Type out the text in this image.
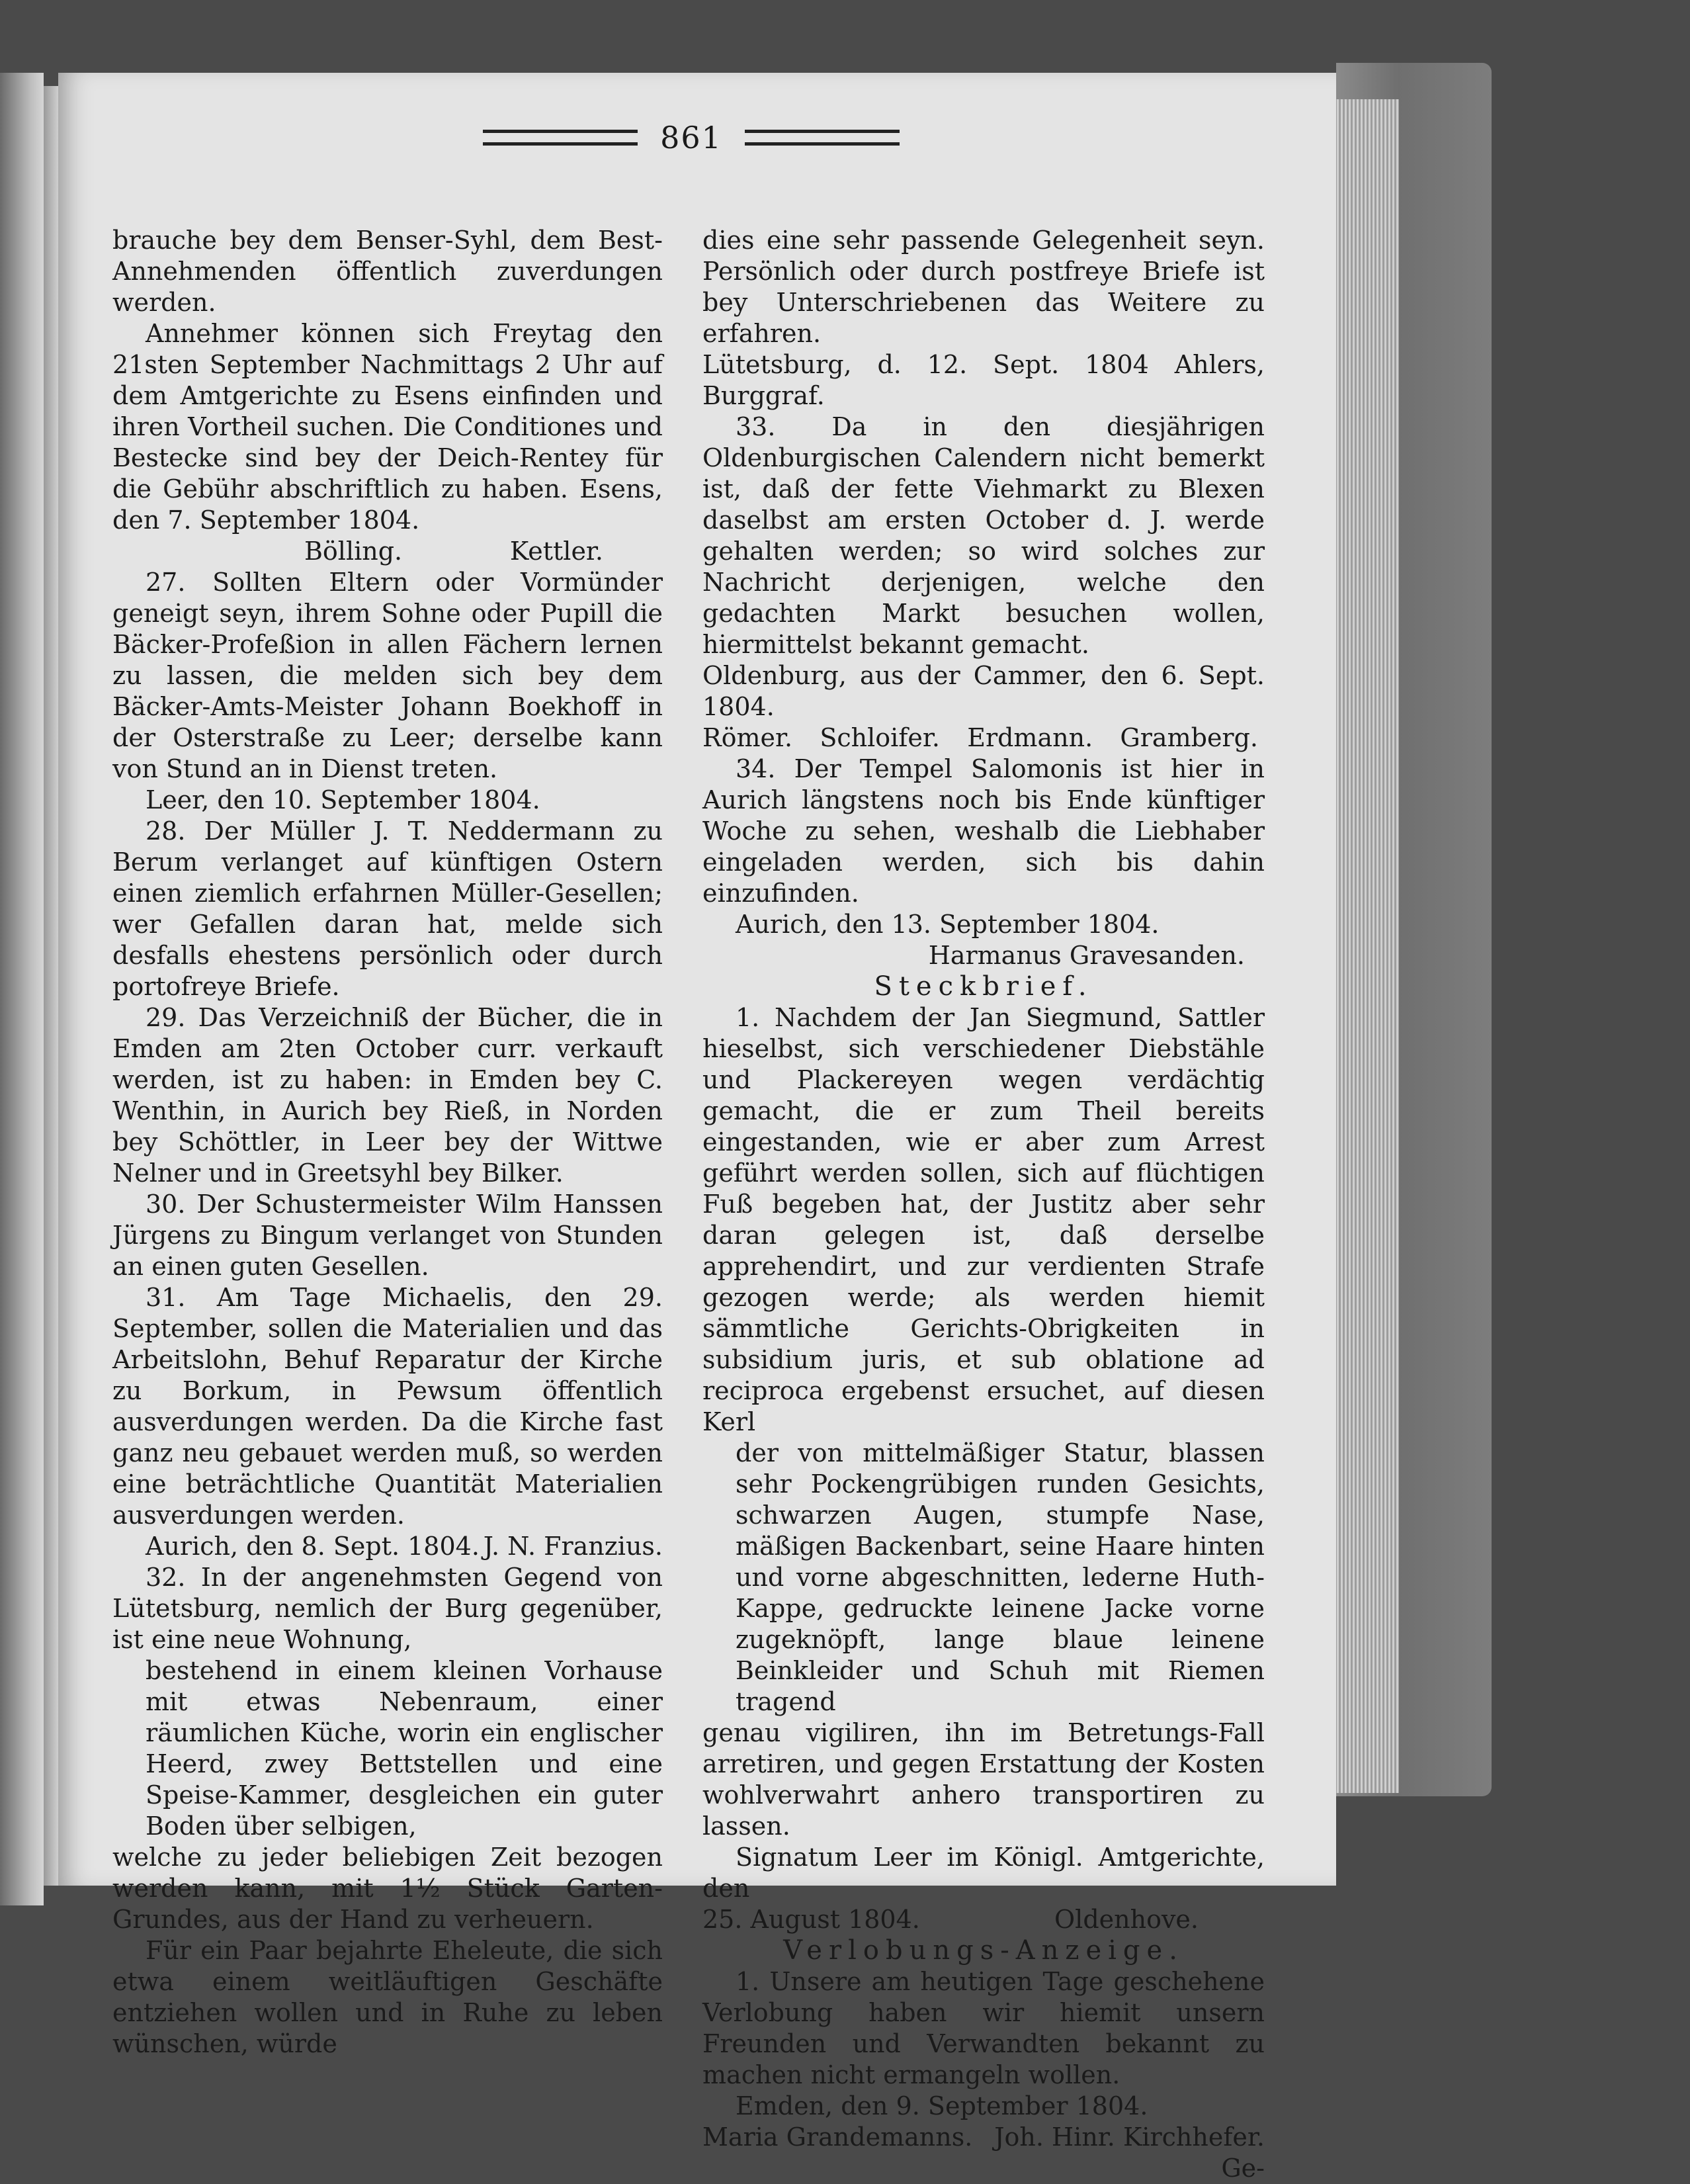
861

brauche bey dem Benser-Syhl, dem Best-Annehmenden öffentlich zuverdungen werden.

Annehmer können sich Freytag den 21sten September Nachmittags 2 Uhr auf dem Amtgerichte zu Esens einfinden und ihren Vortheil suchen. Die Conditiones und Bestecke sind bey der Deich-Rentey für die Gebühr abschriftlich zu haben. Esens, den 7. September 1804.

Bölling.	Kettler.

27. Sollten Eltern oder Vormünder geneigt seyn, ihrem Sohne oder Pupill die Bäcker-Profeßion in allen Fächern lernen zu lassen, die melden sich bey dem Bäcker-Amts-Meister Johann Boekhoff in der Osterstraße zu Leer; derselbe kann von Stund an in Dienst treten.

Leer, den 10. September 1804.

28. Der Müller J. T. Neddermann zu Berum verlanget auf künftigen Ostern einen ziemlich erfahrnen Müller-Gesellen; wer Gefallen daran hat, melde sich desfalls ehestens persönlich oder durch portofreye Briefe.

29. Das Verzeichniß der Bücher, die in Emden am 2ten October curr. verkauft werden, ist zu haben: in Emden bey C. Wenthin, in Aurich bey Rieß, in Norden bey Schöttler, in Leer bey der Wittwe Nelner und in Greetsyhl bey Bilker.

30. Der Schustermeister Wilm Hanssen Jürgens zu Bingum verlanget von Stunden an einen guten Gesellen.

31. Am Tage Michaelis, den 29. September, sollen die Materialien und das Arbeitslohn, Behuf Reparatur der Kirche zu Borkum, in Pewsum öffentlich ausverdungen werden. Da die Kirche fast ganz neu gebauet werden muß, so werden eine beträchtliche Quantität Materialien ausverdungen werden.

Aurich, den 8. Sept. 1804. J. N. Franzius.

32. In der angenehmsten Gegend von Lütetsburg, nemlich der Burg gegenüber, ist eine neue Wohnung,

bestehend in einem kleinen Vorhause mit etwas Nebenraum, einer räumlichen Küche, worin ein englischer Heerd, zwey Bettstellen und eine Speise-Kammer, desgleichen ein guter Boden über selbigen,

welche zu jeder beliebigen Zeit bezogen werden kann, mit 1½ Stück Garten-Grundes, aus der Hand zu verheuern.

Für ein Paar bejahrte Eheleute, die sich etwa einem weitläuftigen Geschäfte entziehen wollen und in Ruhe zu leben wünschen, würde

dies eine sehr passende Gelegenheit seyn. Persönlich oder durch postfreye Briefe ist bey Unterschriebenen das Weitere zu erfahren.

Lütetsburg, d. 12. Sept. 1804 Ahlers, Burggraf.

33. Da in den diesjährigen Oldenburgischen Calendern nicht bemerkt ist, daß der fette Viehmarkt zu Blexen daselbst am ersten October d. J. werde gehalten werden; so wird solches zur Nachricht derjenigen, welche den gedachten Markt besuchen wollen, hiermittelst bekannt gemacht.

Oldenburg, aus der Cammer, den 6. Sept. 1804.

Römer. Schloifer. Erdmann. Gramberg.

34. Der Tempel Salomonis ist hier in Aurich längstens noch bis Ende künftiger Woche zu sehen, weshalb die Liebhaber eingeladen werden, sich bis dahin einzufinden.

Aurich, den 13. September 1804.

Harmanus Gravesanden.

Steckbrief.

1. Nachdem der Jan Siegmund, Sattler hieselbst, sich verschiedener Diebstähle und Plackereyen wegen verdächtig gemacht, die er zum Theil bereits eingestanden, wie er aber zum Arrest geführt werden sollen, sich auf flüchtigen Fuß begeben hat, der Justitz aber sehr daran gelegen ist, daß derselbe apprehendirt, und zur verdienten Strafe gezogen werde; als werden hiemit sämmtliche Gerichts-Obrigkeiten in subsidium juris, et sub oblatione ad reciproca ergebenst ersuchet, auf diesen Kerl

der von mittelmäßiger Statur, blassen sehr Pockengrübigen runden Gesichts, schwarzen Augen, stumpfe Nase, mäßigen Backenbart, seine Haare hinten und vorne abgeschnitten, lederne Huth-Kappe, gedruckte leinene Jacke vorne zugeknöpft, lange blaue leinene Beinkleider und Schuh mit Riemen tragend

genau vigiliren, ihn im Betretungs-Fall arretiren, und gegen Erstattung der Kosten wohlverwahrt anhero transportiren zu lassen.

Signatum Leer im Königl. Amtgerichte, den

25. August 1804.	Oldenhove.

Verlobungs-Anzeige.

1. Unsere am heutigen Tage geschehene Verlobung haben wir hiemit unsern Freunden und Verwandten bekannt zu machen nicht ermangeln wollen.

Emden, den 9. September 1804.

Maria Grandemanns. Joh. Hinr. Kirchhefer.

Ge-
